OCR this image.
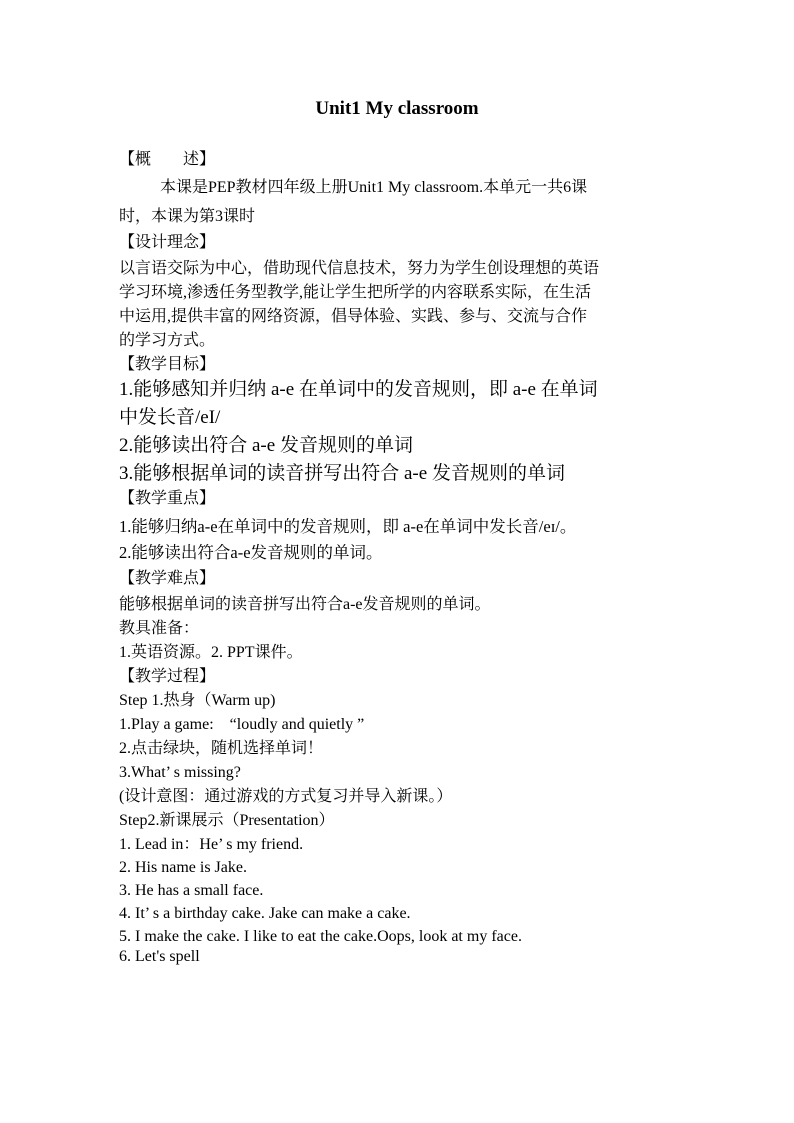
Unit1 My classroom
【概　　述】
本课是PEP教材四年级上册Unit1 My classroom.本单元一共6课
时，本课为第3课时
【设计理念】
以言语交际为中心，借助现代信息技术，努力为学生创设理想的英语
学习环境,渗透任务型教学,能让学生把所学的内容联系实际，在生活
中运用,提供丰富的网络资源，倡导体验、实践、参与、交流与合作
的学习方式。
【教学目标】
1.能够感知并归纳 a-e 在单词中的发音规则，即 a-e 在单词
中发长音/eI/
2.能够读出符合 a-e 发音规则的单词
3.能够根据单词的读音拼写出符合 a-e 发音规则的单词
【教学重点】
1.能够归纳a-e在单词中的发音规则，即 a-e在单词中发长音/eɪ/。
2.能够读出符合a-e发音规则的单词。
【教学难点】
能够根据单词的读音拼写出符合a-e发音规则的单词。
教具准备：
1.英语资源。2. PPT课件。
【教学过程】
Step 1.热身（Warm up)
1.Play a game:　“loudly and quietly ”
2.点击绿块，随机选择单词！
3.What’ s missing?
(设计意图：通过游戏的方式复习并导入新课。）
Step2.新课展示（Presentation）
1. Lead in：He’ s my friend.
2. His name is Jake.
3. He has a small face.
4. It’ s a birthday cake. Jake can make a cake.
5. I make the cake. I like to eat the cake.Oops, look at my face.
6. Let's spell
